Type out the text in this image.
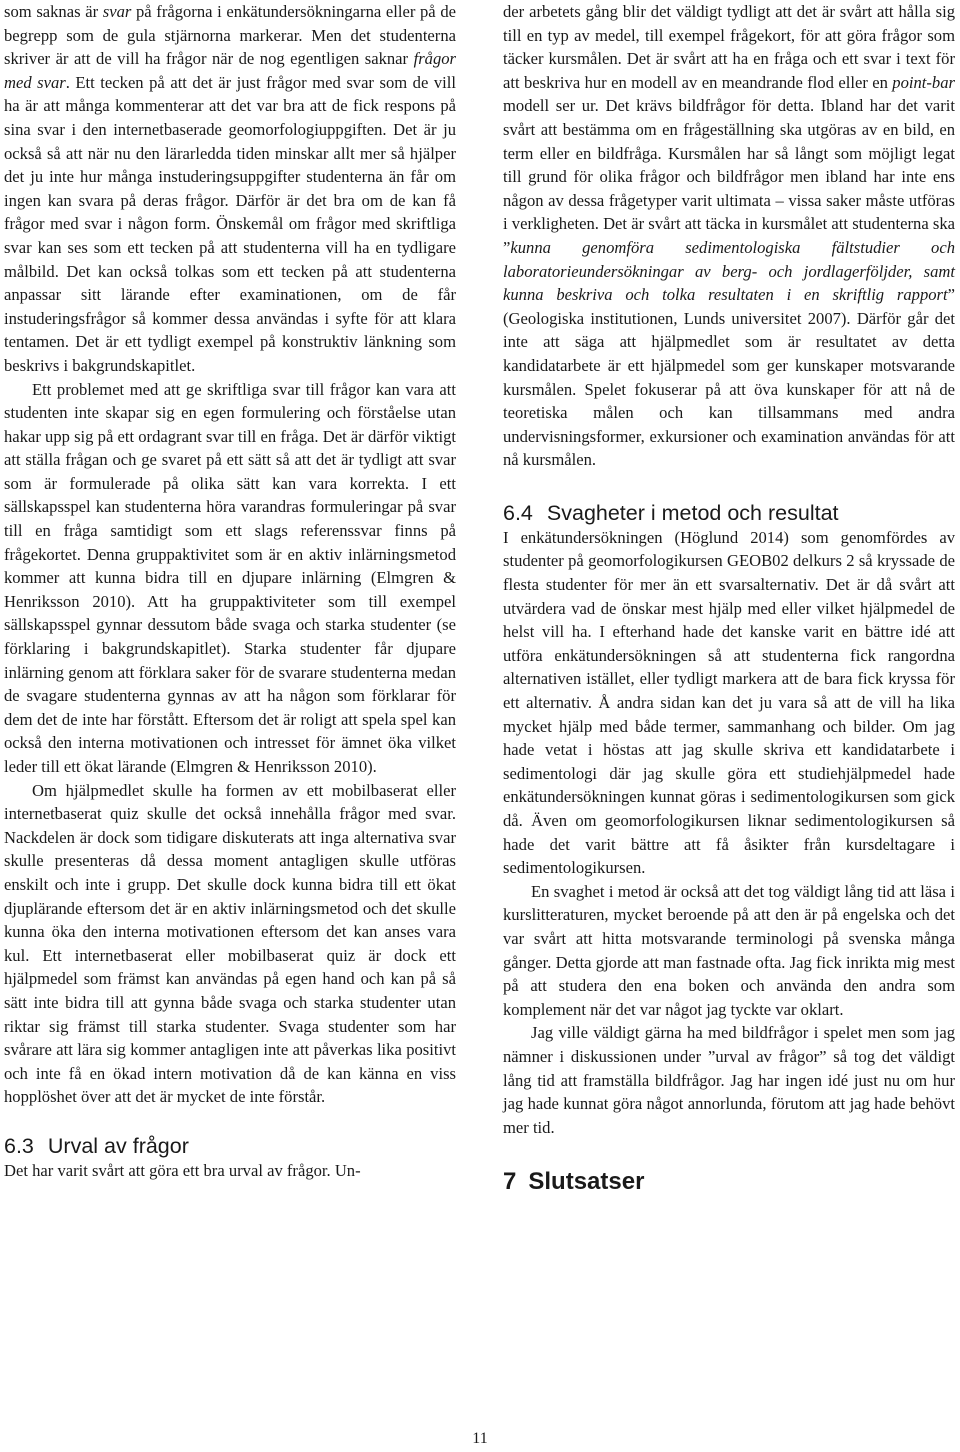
som saknas är svar på frågorna i enkätundersökningarna eller på de begrepp som de gula stjärnorna markerar. Men det studenterna skriver är att de vill ha frågor när de nog egentligen saknar frågor med svar. Ett tecken på att det är just frågor med svar som de vill ha är att många kommenterar att det var bra att de fick respons på sina svar i den internetbaserade geomorfologiuppgiften. Det är ju också så att när nu den lärarledda tiden minskar allt mer så hjälper det ju inte hur många instuderingsuppgifter studenterna än får om ingen kan svara på deras frågor. Därför är det bra om de kan få frågor med svar i någon form. Önskemål om frågor med skriftliga svar kan ses som ett tecken på att studenterna vill ha en tydligare målbild. Det kan också tolkas som ett tecken på att studenterna anpassar sitt lärande efter examinationen, om de får instuderingsfrågor så kommer dessa användas i syfte för att klara tentamen. Det är ett tydligt exempel på konstruktiv länkning som beskrivs i bakgrundskapitlet.

Ett problemet med att ge skriftliga svar till frågor kan vara att studenten inte skapar sig en egen formulering och förståelse utan hakar upp sig på ett ordagrant svar till en fråga. Det är därför viktigt att ställa frågan och ge svaret på ett sätt så att det är tydligt att svar som är formulerade på olika sätt kan vara korrekta. I ett sällskapsspel kan studenterna höra varandras formuleringar på svar till en fråga samtidigt som ett slags referenssvar finns på frågekortet. Denna gruppaktivitet som är en aktiv inlärningsmetod kommer att kunna bidra till en djupare inlärning (Elmgren & Henriksson 2010). Att ha gruppaktiviteter som till exempel sällskapsspel gynnar dessutom både svaga och starka studenter (se förklaring i bakgrundskapitlet). Starka studenter får djupare inlärning genom att förklara saker för de svarare studenterna medan de svagare studenterna gynnas av att ha någon som förklarar för dem det de inte har förstått. Eftersom det är roligt att spela spel kan också den interna motivationen och intresset för ämnet öka vilket leder till ett ökat lärande (Elmgren & Henriksson 2010).

Om hjälpmedlet skulle ha formen av ett mobilbaserat eller internetbaserat quiz skulle det också innehålla frågor med svar. Nackdelen är dock som tidigare diskuterats att inga alternativa svar skulle presenteras då dessa moment antagligen skulle utföras enskilt och inte i grupp. Det skulle dock kunna bidra till ett ökat djuplärande eftersom det är en aktiv inlärningsmetod och det skulle kunna öka den interna motivationen eftersom det kan anses vara kul. Ett internetbaserat eller mobilbaserat quiz är dock ett hjälpmedel som främst kan användas på egen hand och kan på så sätt inte bidra till att gynna både svaga och starka studenter utan riktar sig främst till starka studenter. Svaga studenter som har svårare att lära sig kommer antagligen inte att påverkas lika positivt och inte få en ökad intern motivation då de kan känna en viss hopplöshet över att det är mycket de inte förstår.

6.3 Urval av frågor

Det har varit svårt att göra ett bra urval av frågor. Un-

der arbetets gång blir det väldigt tydligt att det är svårt att hålla sig till en typ av medel, till exempel frågekort, för att göra frågor som täcker kursmålen. Det är svårt att ha en fråga och ett svar i text för att beskriva hur en modell av en meandrande flod eller en point-bar modell ser ur. Det krävs bildfrågor för detta. Ibland har det varit svårt att bestämma om en frågeställning ska utgöras av en bild, en term eller en bildfråga. Kursmålen har så långt som möjligt legat till grund för olika frågor och bildfrågor men ibland har inte ens någon av dessa frågetyper varit ultimata – vissa saker måste utföras i verkligheten. Det är svårt att täcka in kursmålet att studenterna ska ”kunna genomföra sedimentologiska fältstudier och laboratorieundersökningar av berg- och jordlagerföljder, samt kunna beskriva och tolka resultaten i en skriftlig rapport” (Geologiska institutionen, Lunds universitet 2007). Därför går det inte att säga att hjälpmedlet som är resultatet av detta kandidatarbete är ett hjälpmedel som ger kunskaper motsvarande kursmålen. Spelet fokuserar på att öva kunskaper för att nå de teoretiska målen och kan tillsammans med andra undervisningsformer, exkursioner och examination användas för att nå kursmålen.

6.4 Svagheter i metod och resultat

I enkätundersökningen (Höglund 2014) som genomfördes av studenter på geomorfologikursen GEOB02 delkurs 2 så kryssade de flesta studenter för mer än ett svarsalternativ. Det är då svårt att utvärdera vad de önskar mest hjälp med eller vilket hjälpmedel de helst vill ha. I efterhand hade det kanske varit en bättre idé att utföra enkätundersökningen så att studenterna fick rangordna alternativen istället, eller tydligt markera att de bara fick kryssa för ett alternativ. Å andra sidan kan det ju vara så att de vill ha lika mycket hjälp med både termer, sammanhang och bilder. Om jag hade vetat i höstas att jag skulle skriva ett kandidatarbete i sedimentologi där jag skulle göra ett studiehjälpmedel hade enkätundersökningen kunnat göras i sedimentologikursen som gick då. Även om geomorfologikursen liknar sedimentologikursen så hade det varit bättre att få åsikter från kursdeltagare i sedimentologikursen.

En svaghet i metod är också att det tog väldigt lång tid att läsa i kurslitteraturen, mycket beroende på att den är på engelska och det var svårt att hitta motsvarande terminologi på svenska många gånger. Detta gjorde att man fastnade ofta. Jag fick inrikta mig mest på att studera den ena boken och använda den andra som komplement när det var något jag tyckte var oklart.

Jag ville väldigt gärna ha med bildfrågor i spelet men som jag nämner i diskussionen under ”urval av frågor” så tog det väldigt lång tid att framställa bildfrågor. Jag har ingen idé just nu om hur jag hade kunnat göra något annorlunda, förutom att jag hade behövt mer tid.

7 Slutsatser
11
